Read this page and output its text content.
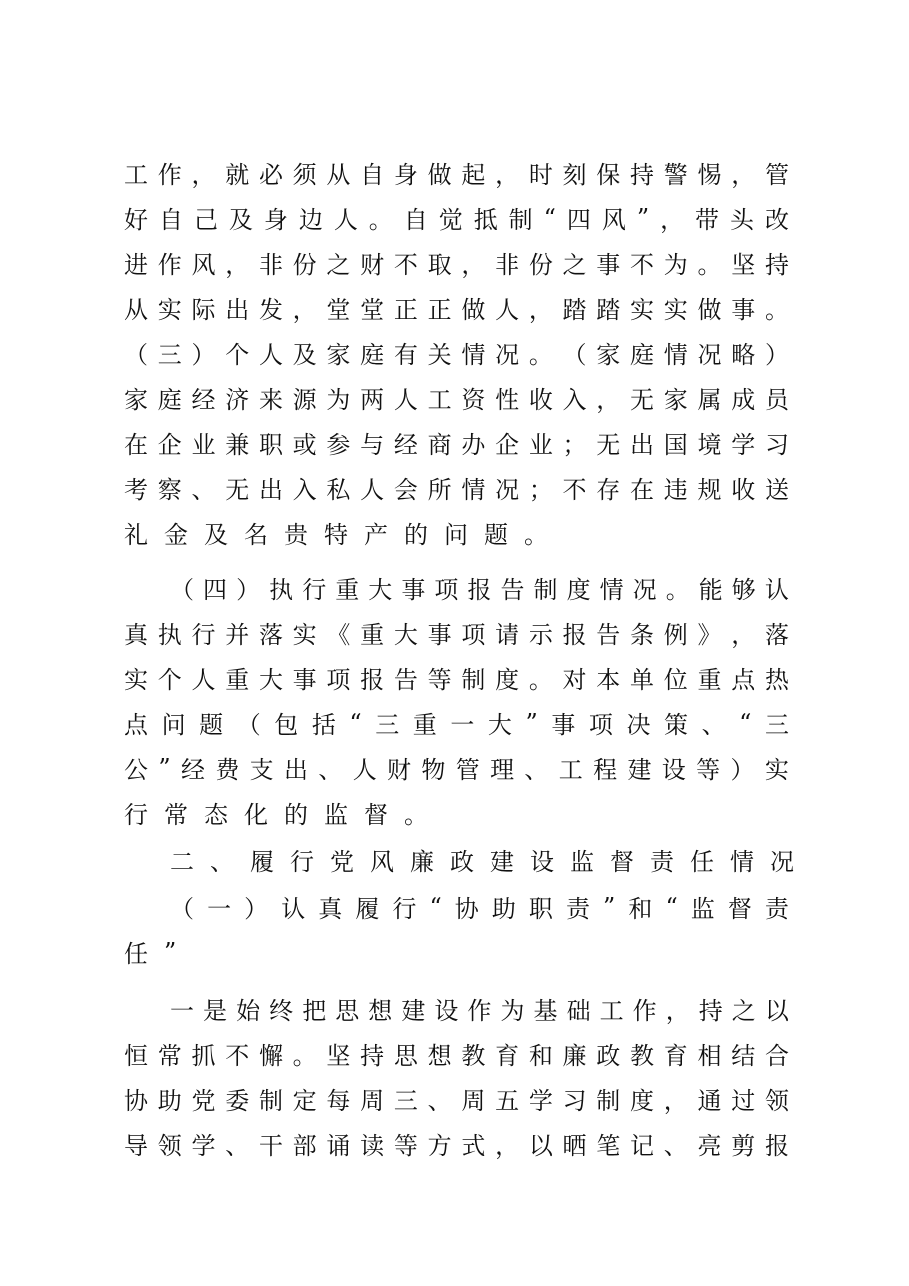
工 作 ， 就 必 须 从 自 身 做 起 ， 时 刻 保 持 警 惕 ， 管
好 自 己 及 身 边 人 。 自 觉 抵 制 “ 四 风 ” ， 带 头 改
进 作 风 ， 非 份 之 财 不 取 ， 非 份 之 事 不 为 。 坚 持
从 实 际 出 发 ， 堂 堂 正 正 做 人 ， 踏 踏 实 实 做 事 。
（ 三 ） 个 人 及 家 庭 有 关 情 况 。 （ 家 庭 情 况 略 ）
家 庭 经 济 来 源 为 两 人 工 资 性 收 入 ， 无 家 属 成 员
在 企 业 兼 职 或 参 与 经 商 办 企 业 ； 无 出 国 境 学 习
考 察 、 无 出 入 私 人 会 所 情 况 ； 不 存 在 违 规 收 送
礼 金 及 名 贵 特 产 的 问 题 。
（ 四 ） 执 行 重 大 事 项 报 告 制 度 情 况 。 能 够 认
真 执 行 并 落 实 《 重 大 事 项 请 示 报 告 条 例 》 ， 落
实 个 人 重 大 事 项 报 告 等 制 度 。 对 本 单 位 重 点 热
点 问 题 （ 包 括 “ 三 重 一 大 ” 事 项 决 策 、 “ 三
公 ” 经 费 支 出 、 人 财 物 管 理 、 工 程 建 设 等 ） 实
行 常 态 化 的 监 督 。
二 、 履 行 党 风 廉 政 建 设 监 督 责 任 情 况
（ 一 ） 认 真 履 行 “ 协 助 职 责 ” 和 “ 监 督 责
任 ”
一 是 始 终 把 思 想 建 设 作 为 基 础 工 作 ， 持 之 以
恒 常 抓 不 懈 。 坚 持 思 想 教 育 和 廉 政 教 育 相 结 合
协 助 党 委 制 定 每 周 三 、 周 五 学 习 制 度 ， 通 过 领
导 领 学 、 干 部 诵 读 等 方 式 ， 以 晒 笔 记 、 亮 剪 报
